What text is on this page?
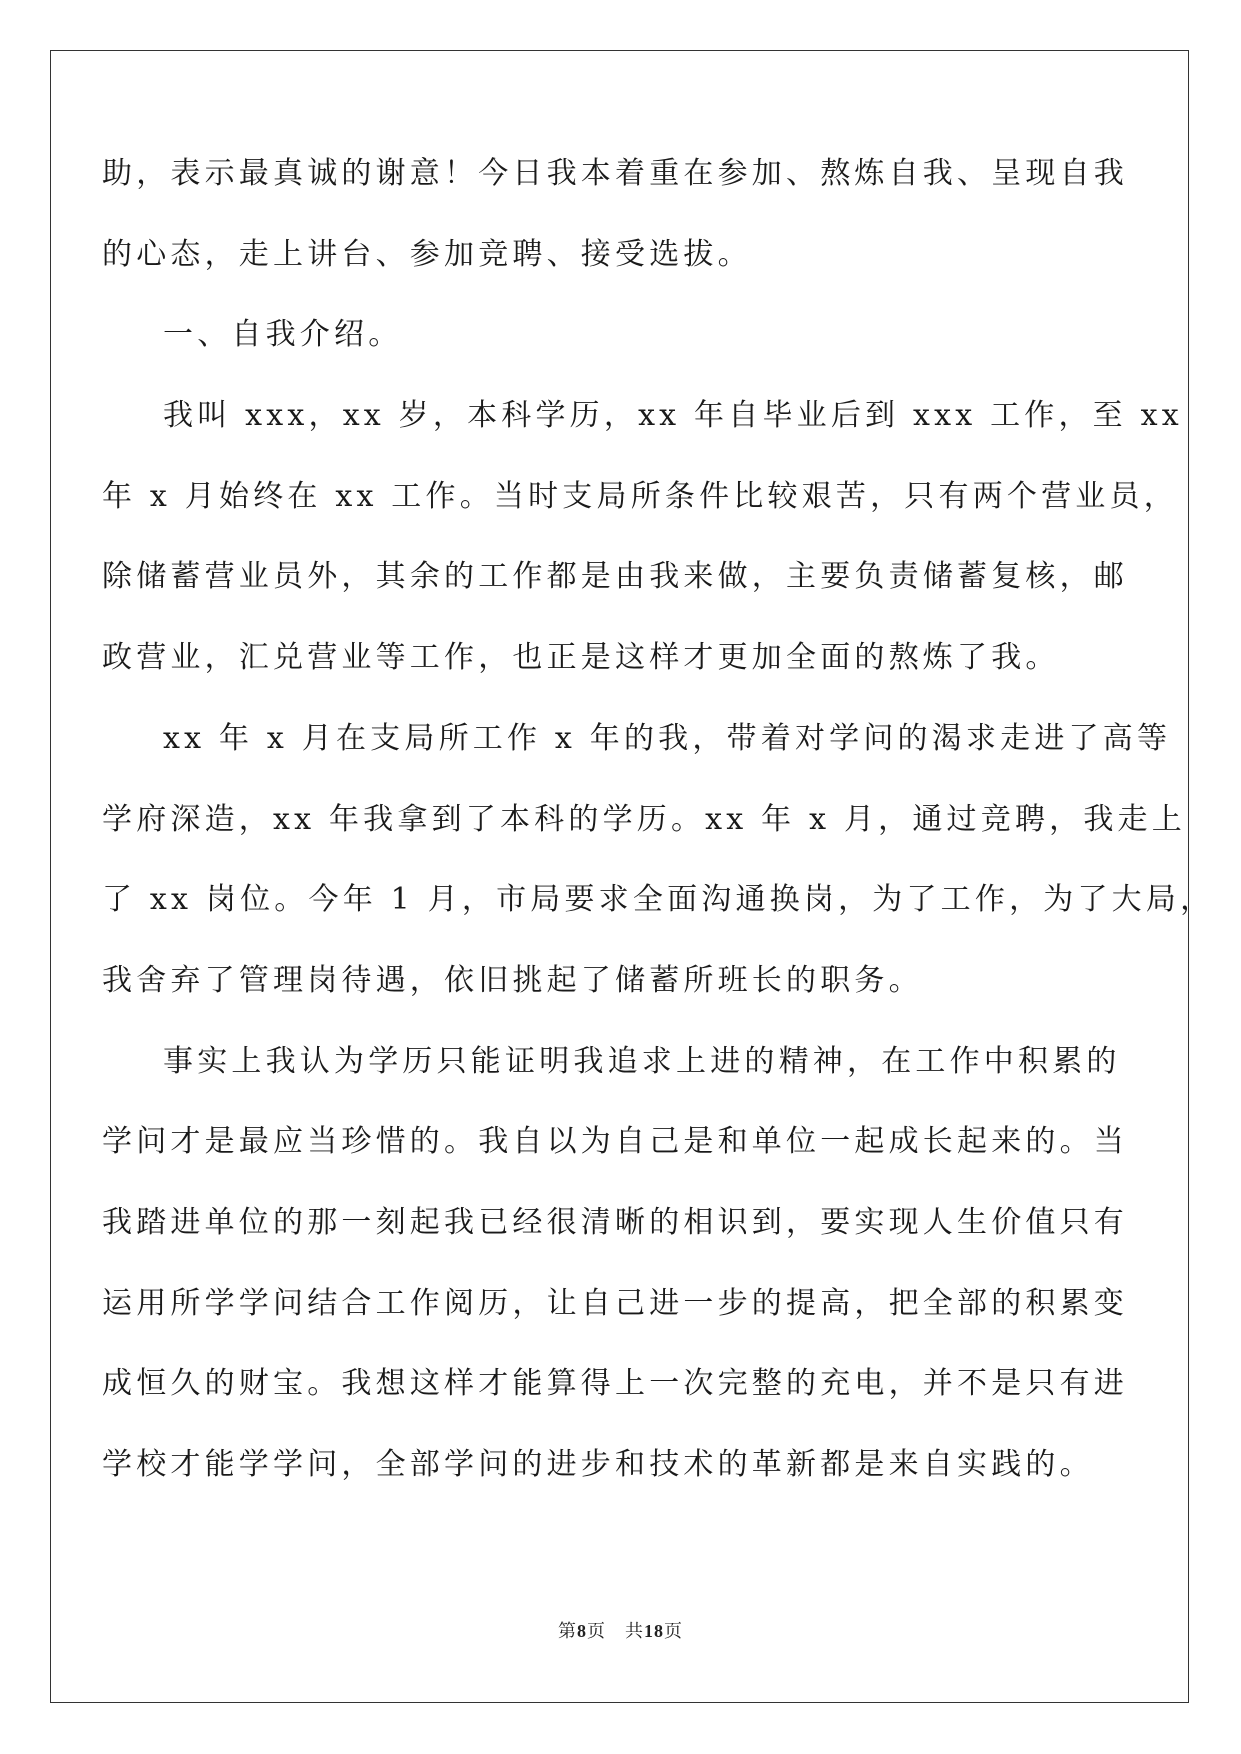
助，表示最真诚的谢意！今日我本着重在参加、熬炼自我、呈现自我
的心态，走上讲台、参加竞聘、接受选拔。
一、自我介绍。
我叫 xxx，xx 岁，本科学历，xx 年自毕业后到 xxx 工作，至 xx
年 x 月始终在 xx 工作。当时支局所条件比较艰苦，只有两个营业员，
除储蓄营业员外，其余的工作都是由我来做，主要负责储蓄复核，邮
政营业，汇兑营业等工作，也正是这样才更加全面的熬炼了我。
xx 年 x 月在支局所工作 x 年的我，带着对学问的渴求走进了高等
学府深造，xx 年我拿到了本科的学历。xx 年 x 月，通过竞聘，我走上
了 xx 岗位。今年 1 月，市局要求全面沟通换岗，为了工作，为了大局，
我舍弃了管理岗待遇，依旧挑起了储蓄所班长的职务。
事实上我认为学历只能证明我追求上进的精神，在工作中积累的
学问才是最应当珍惜的。我自以为自己是和单位一起成长起来的。当
我踏进单位的那一刻起我已经很清晰的相识到，要实现人生价值只有
运用所学学问结合工作阅历，让自己进一步的提高，把全部的积累变
成恒久的财宝。我想这样才能算得上一次完整的充电，并不是只有进
学校才能学学问，全部学问的进步和技术的革新都是来自实践的。
第8页　共18页
